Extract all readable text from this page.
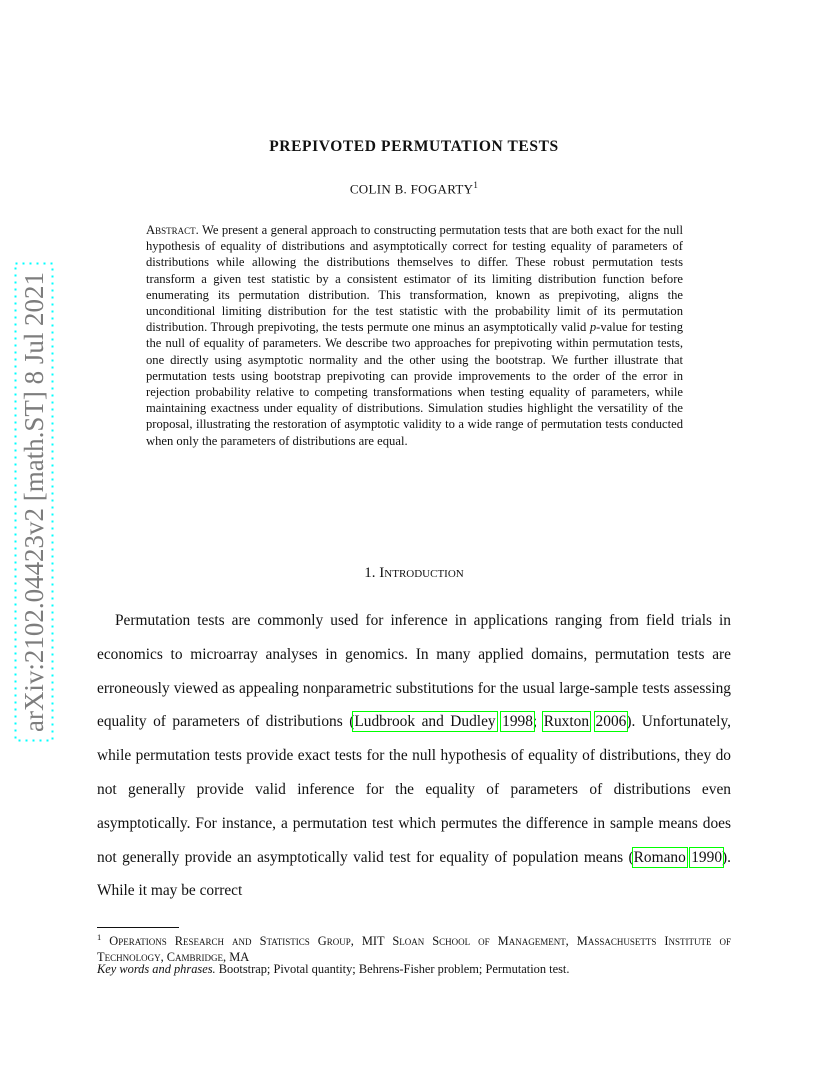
arXiv:2102.04423v2 [math.ST] 8 Jul 2021
PREPIVOTED PERMUTATION TESTS
COLIN B. FOGARTY$^1$
Abstract. We present a general approach to constructing permutation tests that are both exact for the null hypothesis of equality of distributions and asymptotically correct for testing equality of parameters of distributions while allowing the distributions themselves to differ. These robust permutation tests transform a given test statistic by a consistent estimator of its limiting distribution function before enumerating its permutation distribution. This transformation, known as prepivoting, aligns the unconditional limiting distribution for the test statistic with the probability limit of its permutation distribution. Through prepivoting, the tests permute one minus an asymptotically valid p-value for testing the null of equality of parameters. We describe two approaches for prepivoting within permutation tests, one directly using asymptotic normality and the other using the bootstrap. We further illustrate that permutation tests using bootstrap prepivoting can provide improvements to the order of the error in rejection probability relative to competing transformations when testing equality of parameters, while maintaining exactness under equality of distributions. Simulation studies highlight the versatility of the proposal, illustrating the restoration of asymptotic validity to a wide range of permutation tests conducted when only the parameters of distributions are equal.
1. Introduction
Permutation tests are commonly used for inference in applications ranging from field trials in economics to microarray analyses in genomics. In many applied domains, permutation tests are erroneously viewed as appealing nonparametric substitutions for the usual large-sample tests assessing equality of parameters of distributions (Ludbrook and Dudley 1998; Ruxton 2006). Unfortunately, while permutation tests provide exact tests for the null hypothesis of equality of distributions, they do not generally provide valid inference for the equality of parameters of distributions even asymptotically. For instance, a permutation test which permutes the difference in sample means does not generally provide an asymptotically valid test for equality of population means (Romano 1990). While it may be correct
$^1$ Operations Research and Statistics Group, MIT Sloan School of Management, Massachusetts Institute of Technology, Cambridge, MA
Key words and phrases. Bootstrap; Pivotal quantity; Behrens-Fisher problem; Permutation test.
